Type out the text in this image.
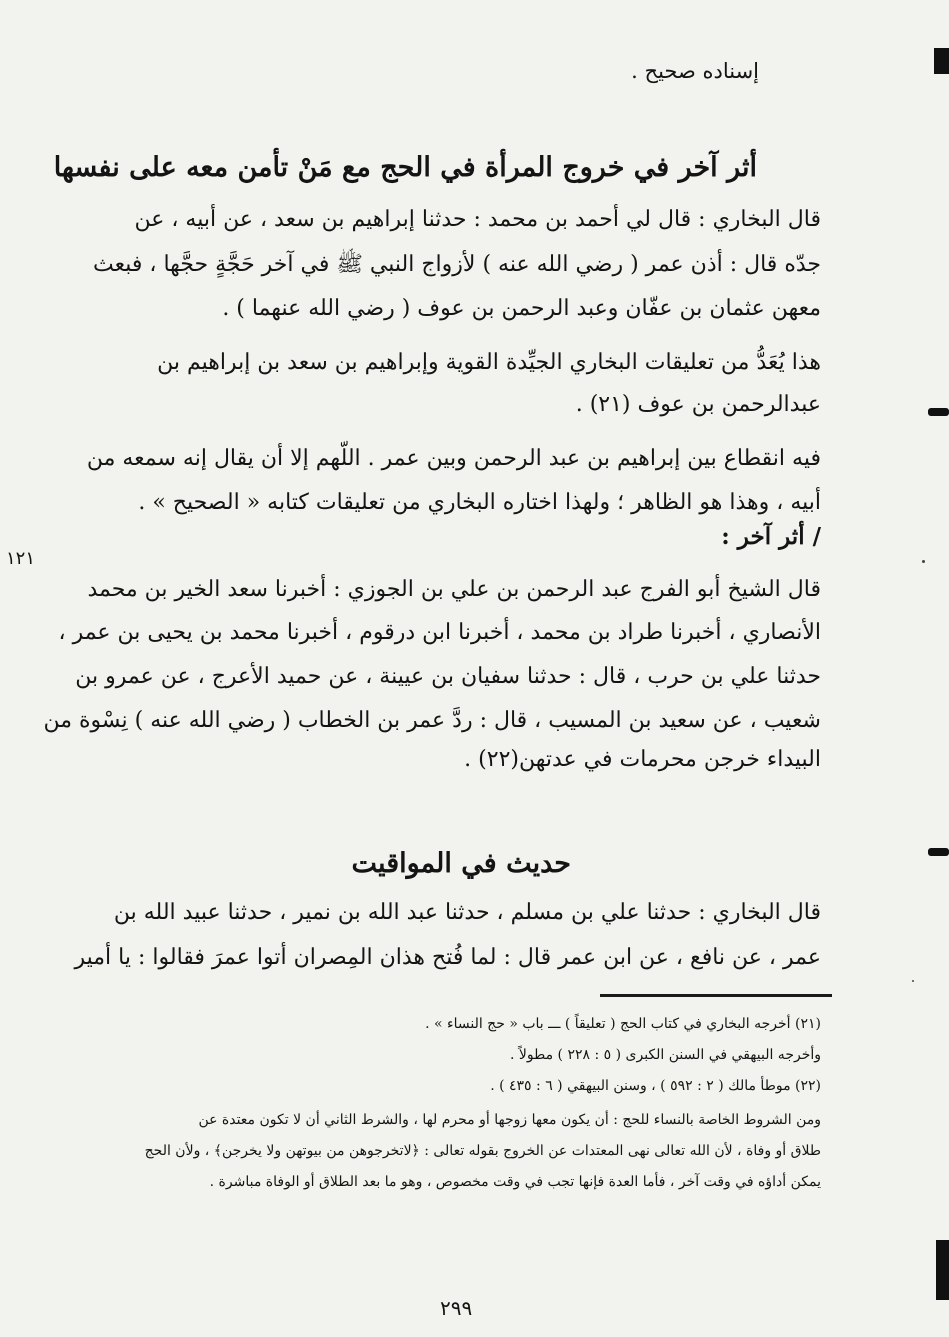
إسناده صحيح .
أثر آخر في خروج المرأة في الحج مع مَنْ تأمن معه على نفسها
قال البخاري : قال لي أحمد بن محمد : حدثنا إبراهيم بن سعد ، عن أبيه ، عن
جدّه قال : أذن عمر ( رضي الله عنه ) لأزواج النبي ﷺ في آخر حَجَّةٍ حجَّها ، فبعث
معهن عثمان بن عفّان وعبد الرحمن بن عوف ( رضي الله عنهما ) .
هذا يُعَدُّ من تعليقات البخاري الجيِّدة القوية وإبراهيم بن سعد بن إبراهيم بن
عبدالرحمن بن عوف (٢١) .
فيه انقطاع بين إبراهيم بن عبد الرحمن وبين عمر . اللّهم إلا أن يقال إنه سمعه من
أبيه ، وهذا هو الظاهر ؛ ولهذا اختاره البخاري من تعليقات كتابه « الصحيح » .
/ أثر آخر :
قال الشيخ أبو الفرج عبد الرحمن بن علي بن الجوزي : أخبرنا سعد الخير بن محمد
الأنصاري ، أخبرنا طراد بن محمد ، أخبرنا ابن درقوم ، أخبرنا محمد بن يحيى بن عمر ،
حدثنا علي بن حرب ، قال : حدثنا سفيان بن عيينة ، عن حميد الأعرج ، عن عمرو بن
شعيب ، عن سعيد بن المسيب ، قال : ردَّ عمر بن الخطاب ( رضي الله عنه ) نِسْوة من
البيداء خرجن محرمات في عدتهن(٢٢) .
حديث في المواقيت
قال البخاري : حدثنا علي بن مسلم ، حدثنا عبد الله بن نمير ، حدثنا عبيد الله بن
عمر ، عن نافع ، عن ابن عمر قال : لما فُتح هذان المِصران أتوا عمرَ فقالوا : يا أمير
(٢١) أخرجه البخاري في كتاب الحج ( تعليقاً ) ـــ باب « حج النساء » .
وأخرجه البيهقي في السنن الكبرى ( ٥ : ٢٢٨ ) مطولاً .
(٢٢) موطأ مالك ( ٢ : ٥٩٢ ) ، وسنن البيهقي ( ٦ : ٤٣٥ ) .
ومن الشروط الخاصة بالنساء للحج : أن يكون معها زوجها أو محرم لها ، والشرط الثاني أن لا تكون معتدة عن
طلاق أو وفاة ، لأن الله تعالى نهى المعتدات عن الخروج بقوله تعالى : ﴿لاتخرجوهن من بيوتهن ولا يخرجن﴾ ، ولأن الحج
يمكن أداؤه في وقت آخر ، فأما العدة فإنها تجب في وقت مخصوص ، وهو ما بعد الطلاق أو الوفاة مباشرة .
١٢١
٢٩٩
